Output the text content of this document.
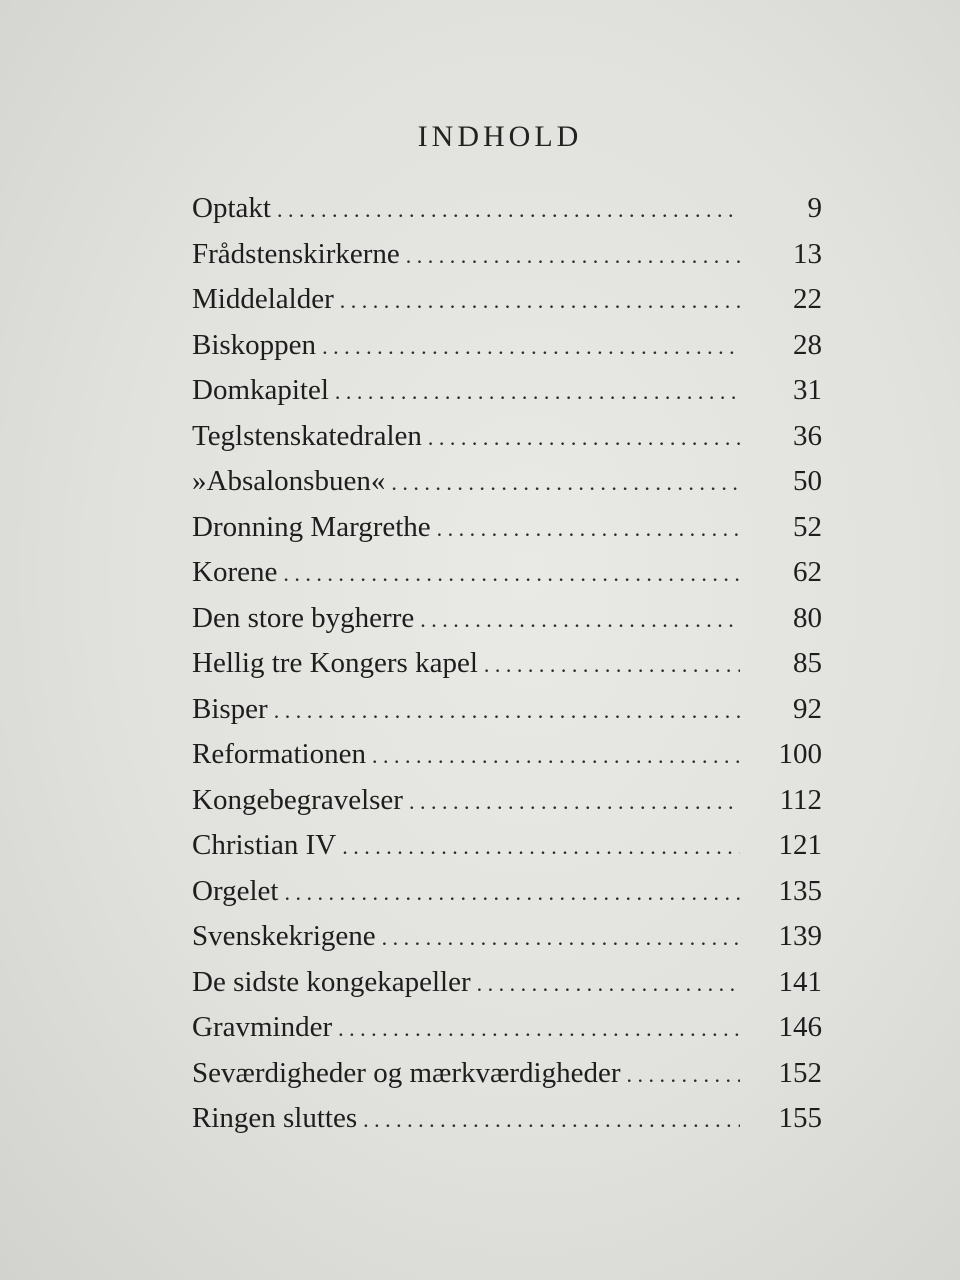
INDHOLD
Optakt . . .	9
Frådstenskirkerne . . .	13
Middelalder . . .	22
Biskoppen . . .	28
Domkapitel . . .	31
Teglstenskatedralen . . .	36
»Absalonsbuen« . . .	50
Dronning Margrethe . . .	52
Korene . . .	62
Den store bygherre . . .	80
Hellig tre Kongers kapel . . .	85
Bisper . . .	92
Reformationen . . .	100
Kongebegravelser . . .	112
Christian IV . . .	121
Orgelet . . .	135
Svenskekrigene . . .	139
De sidste kongekapeller . . .	141
Gravminder . . .	146
Seværdigheder og mærkværdigheder . . .	152
Ringen sluttes . . .	155
